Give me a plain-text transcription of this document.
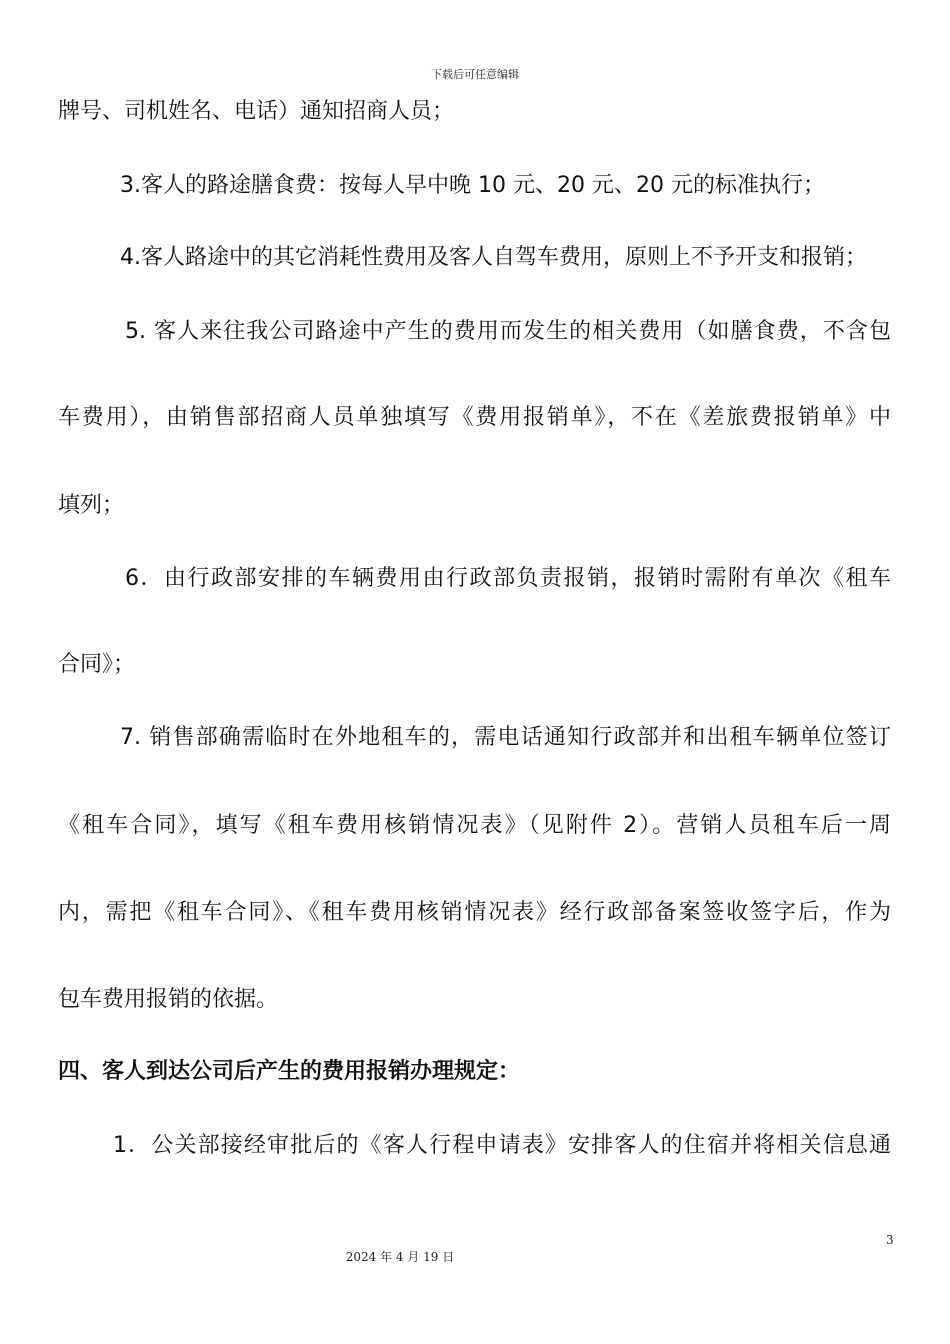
下载后可任意编辑
牌号、司机姓名、电话）通知招商人员；
3.客人的路途膳食费：按每人早中晚 10 元、20 元、20 元的标准执行；
4.客人路途中的其它消耗性费用及客人自驾车费用，原则上不予开支和报销；
5. 客人来往我公司路途中产生的费用而发生的相关费用（如膳食费，不含包
车费用），由销售部招商人员单独填写《费用报销单》，不在《差旅费报销单》中
填列；
6．由行政部安排的车辆费用由行政部负责报销，报销时需附有单次《租车
合同》；
7. 销售部确需临时在外地租车的，需电话通知行政部并和出租车辆单位签订
《租车合同》，填写《租车费用核销情况表》（见附件 2）。营销人员租车后一周
内，需把《租车合同》、《租车费用核销情况表》经行政部备案签收签字后，作为
包车费用报销的依据。
四、客人到达公司后产生的费用报销办理规定：
1．公关部接经审批后的《客人行程申请表》安排客人的住宿并将相关信息通
3
2024 年 4 月 19 日
